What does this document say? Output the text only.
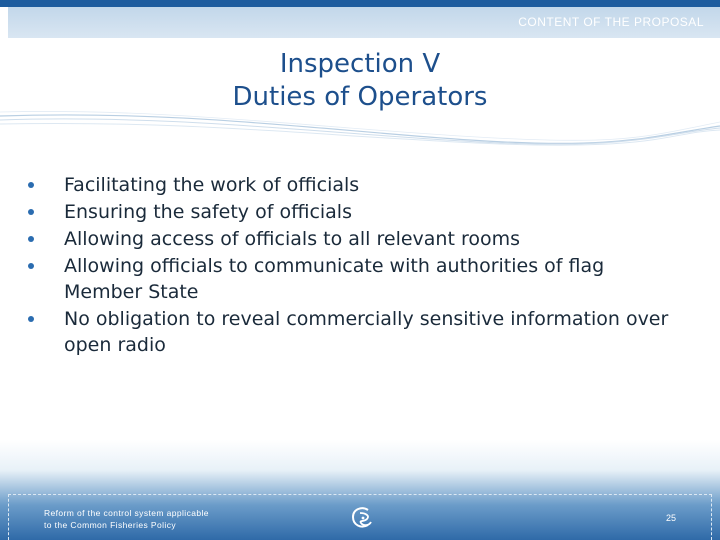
CONTENT OF THE PROPOSAL
Inspection V
Duties of Operators
Facilitating the work of officials
Ensuring the safety of officials
Allowing access of officials to all relevant rooms
Allowing officials to communicate with authorities of flag Member State
No obligation to reveal commercially sensitive information over open radio
Reform of the control system applicable
to the Common Fisheries Policy
25
